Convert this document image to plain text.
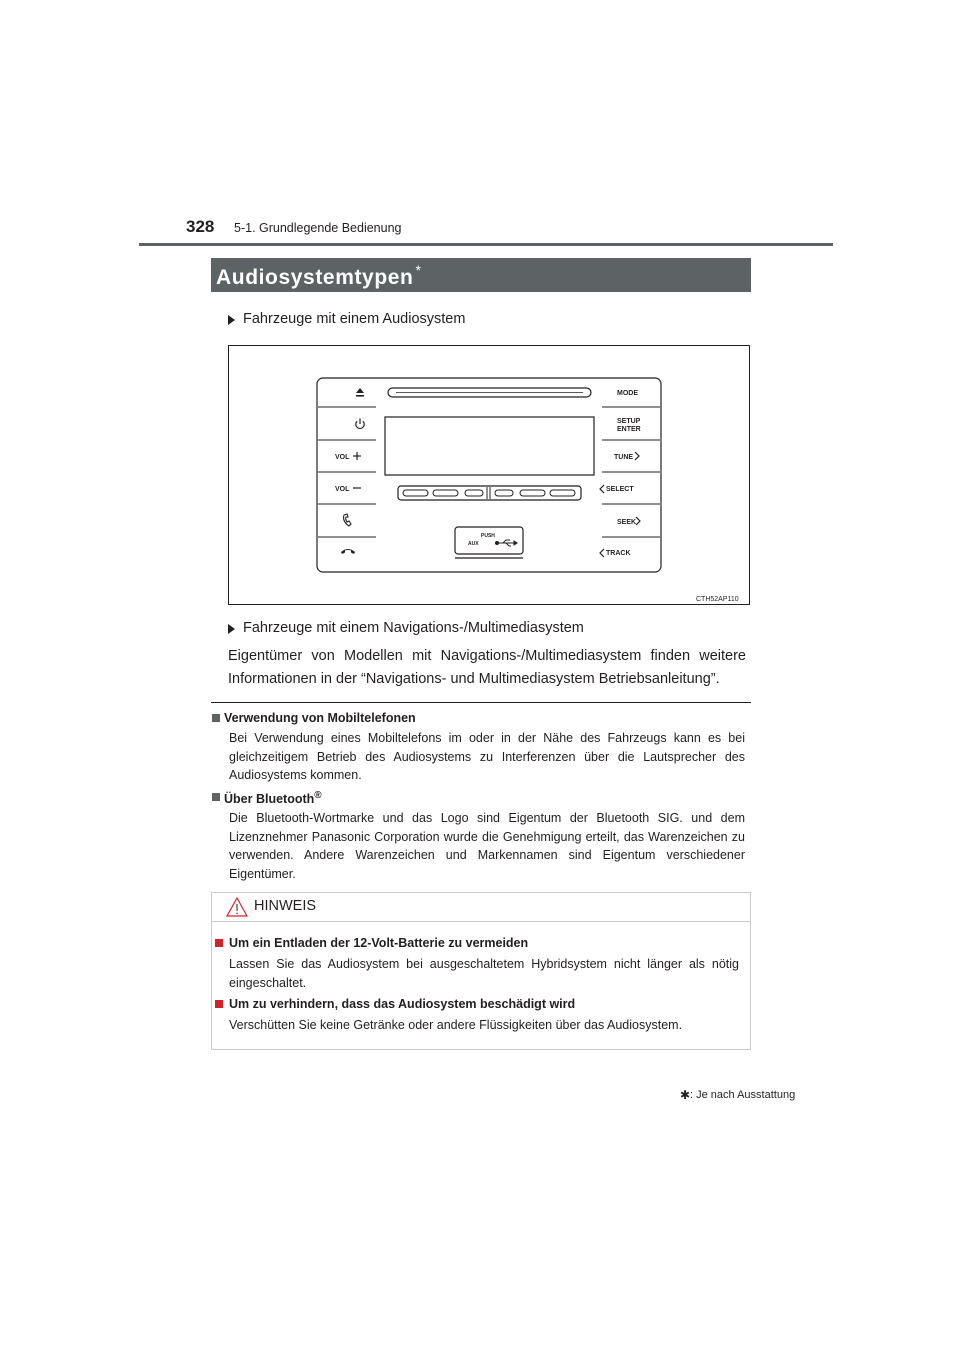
328 5-1. Grundlegende Bedienung
Audiosystemtypen *
Fahrzeuge mit einem Audiosystem
VOL
VOL
MODE
SETUP
ENTER
TUNE
SELECT
SEEK
TRACK
PUSH
AUX
CTH52AP110
Fahrzeuge mit einem Navigations-/Multimediasystem
Eigentümer von Modellen mit Navigations-/Multimediasystem finden weitere Informationen in der “Navigations- und Multimediasystem Betriebsanleitung”.
Verwendung von Mobiltelefonen
Bei Verwendung eines Mobiltelefons im oder in der Nähe des Fahrzeugs kann es bei gleichzeitigem Betrieb des Audiosystems zu Interferenzen über die Lautsprecher des Audiosystems kommen.
Über Bluetooth®
Die Bluetooth-Wortmarke und das Logo sind Eigentum der Bluetooth SIG. und dem Lizenznehmer Panasonic Corporation wurde die Genehmigung erteilt, das Warenzeichen zu verwenden. Andere Warenzeichen und Markennamen sind Eigentum verschiedener Eigentümer.
HINWEIS
Um ein Entladen der 12-Volt-Batterie zu vermeiden
Lassen Sie das Audiosystem bei ausgeschaltetem Hybridsystem nicht länger als nötig eingeschaltet.
Um zu verhindern, dass das Audiosystem beschädigt wird
Verschütten Sie keine Getränke oder andere Flüssigkeiten über das Audiosystem.
✱ : Je nach Ausstattung
